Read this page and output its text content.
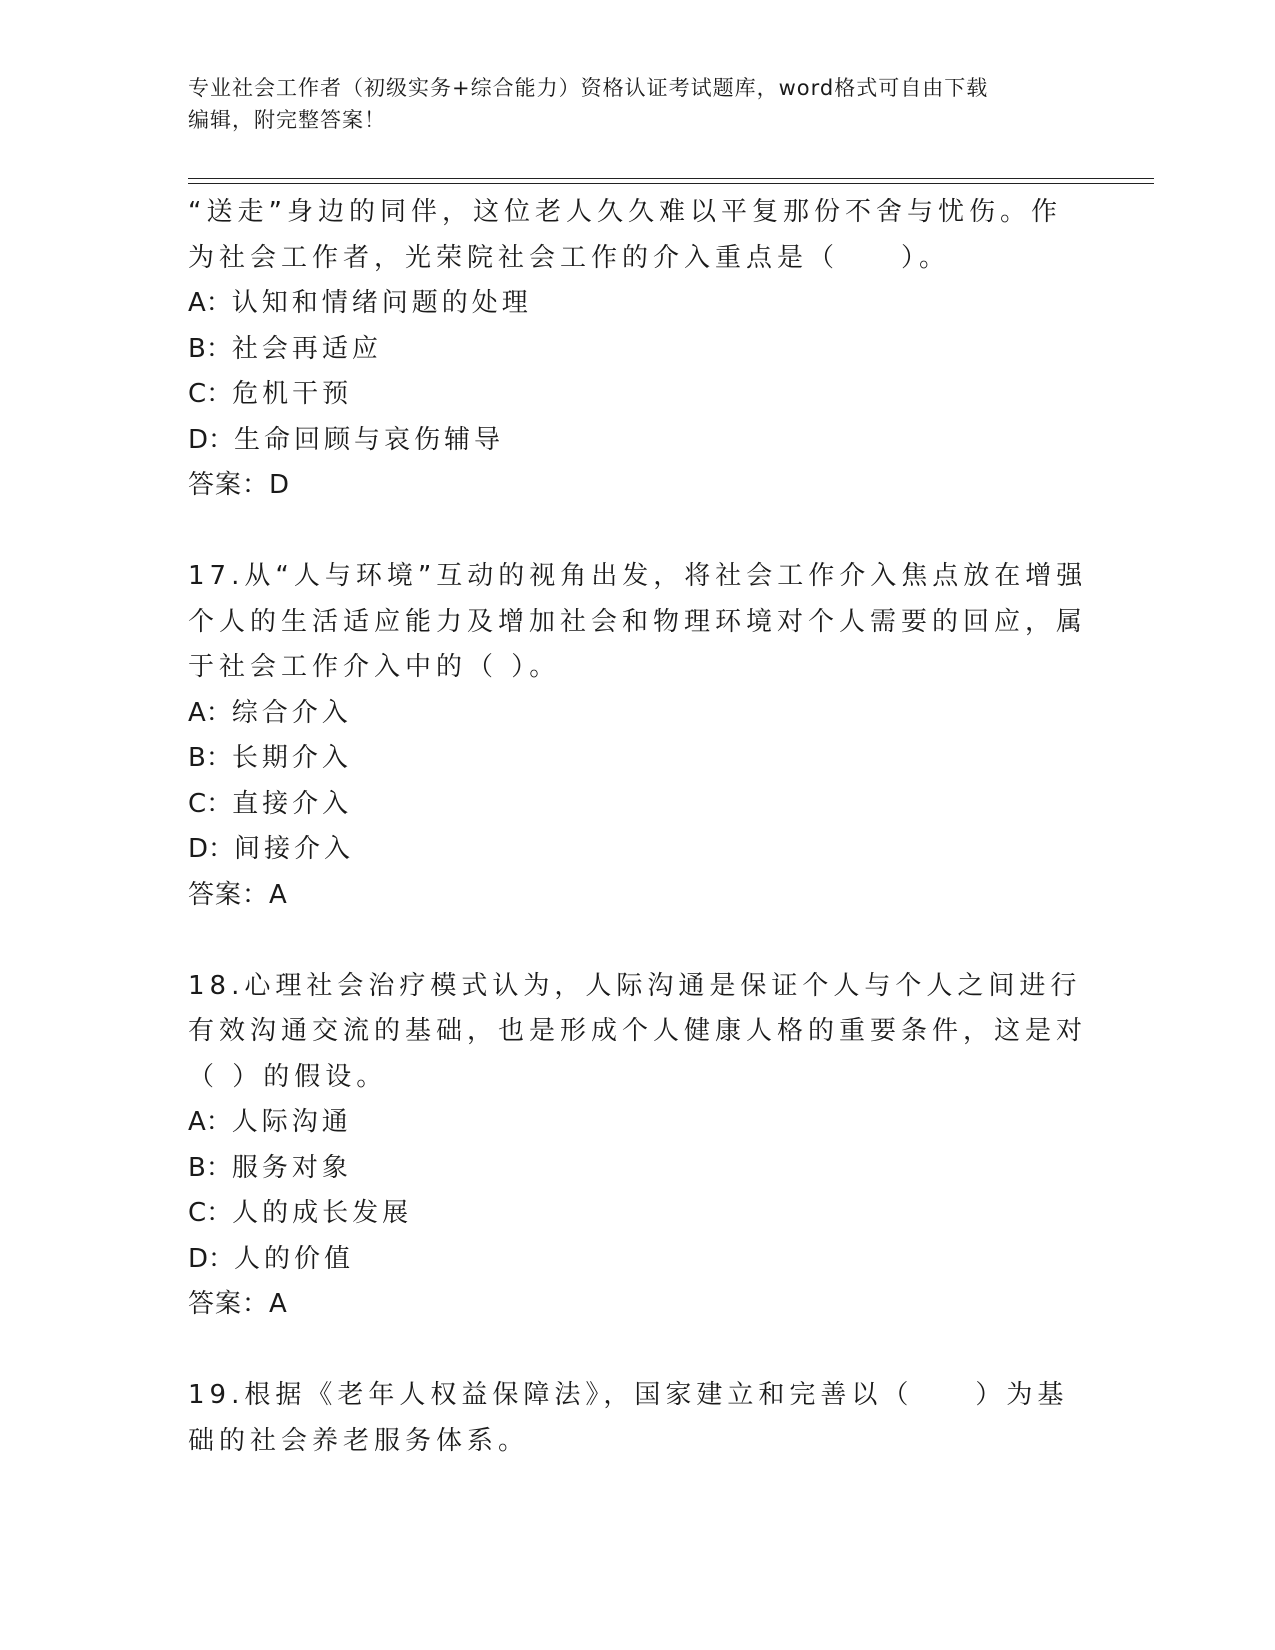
专业社会工作者（初级实务+综合能力）资格认证考试题库，word格式可自由下载
编辑，附完整答案！

“送走”身边的同伴，这位老人久久难以平复那份不舍与忧伤。作为社会工作者，光荣院社会工作的介入重点是（　　）。

A：认知和情绪问题的处理

B：社会再适应

C：危机干预

D：生命回顾与哀伤辅导

答案：D

17.从“人与环境”互动的视角出发，将社会工作介入焦点放在增强个人的生活适应能力及增加社会和物理环境对个人需要的回应，属于社会工作介入中的（ ）。

A：综合介入

B：长期介入

C：直接介入

D：间接介入

答案：A

18.心理社会治疗模式认为，人际沟通是保证个人与个人之间进行有效沟通交流的基础，也是形成个人健康人格的重要条件，这是对（ ）的假设。

A：人际沟通

B：服务对象

C：人的成长发展

D：人的价值

答案：A

19.根据《老年人权益保障法》，国家建立和完善以（　　）为基础的社会养老服务体系。
